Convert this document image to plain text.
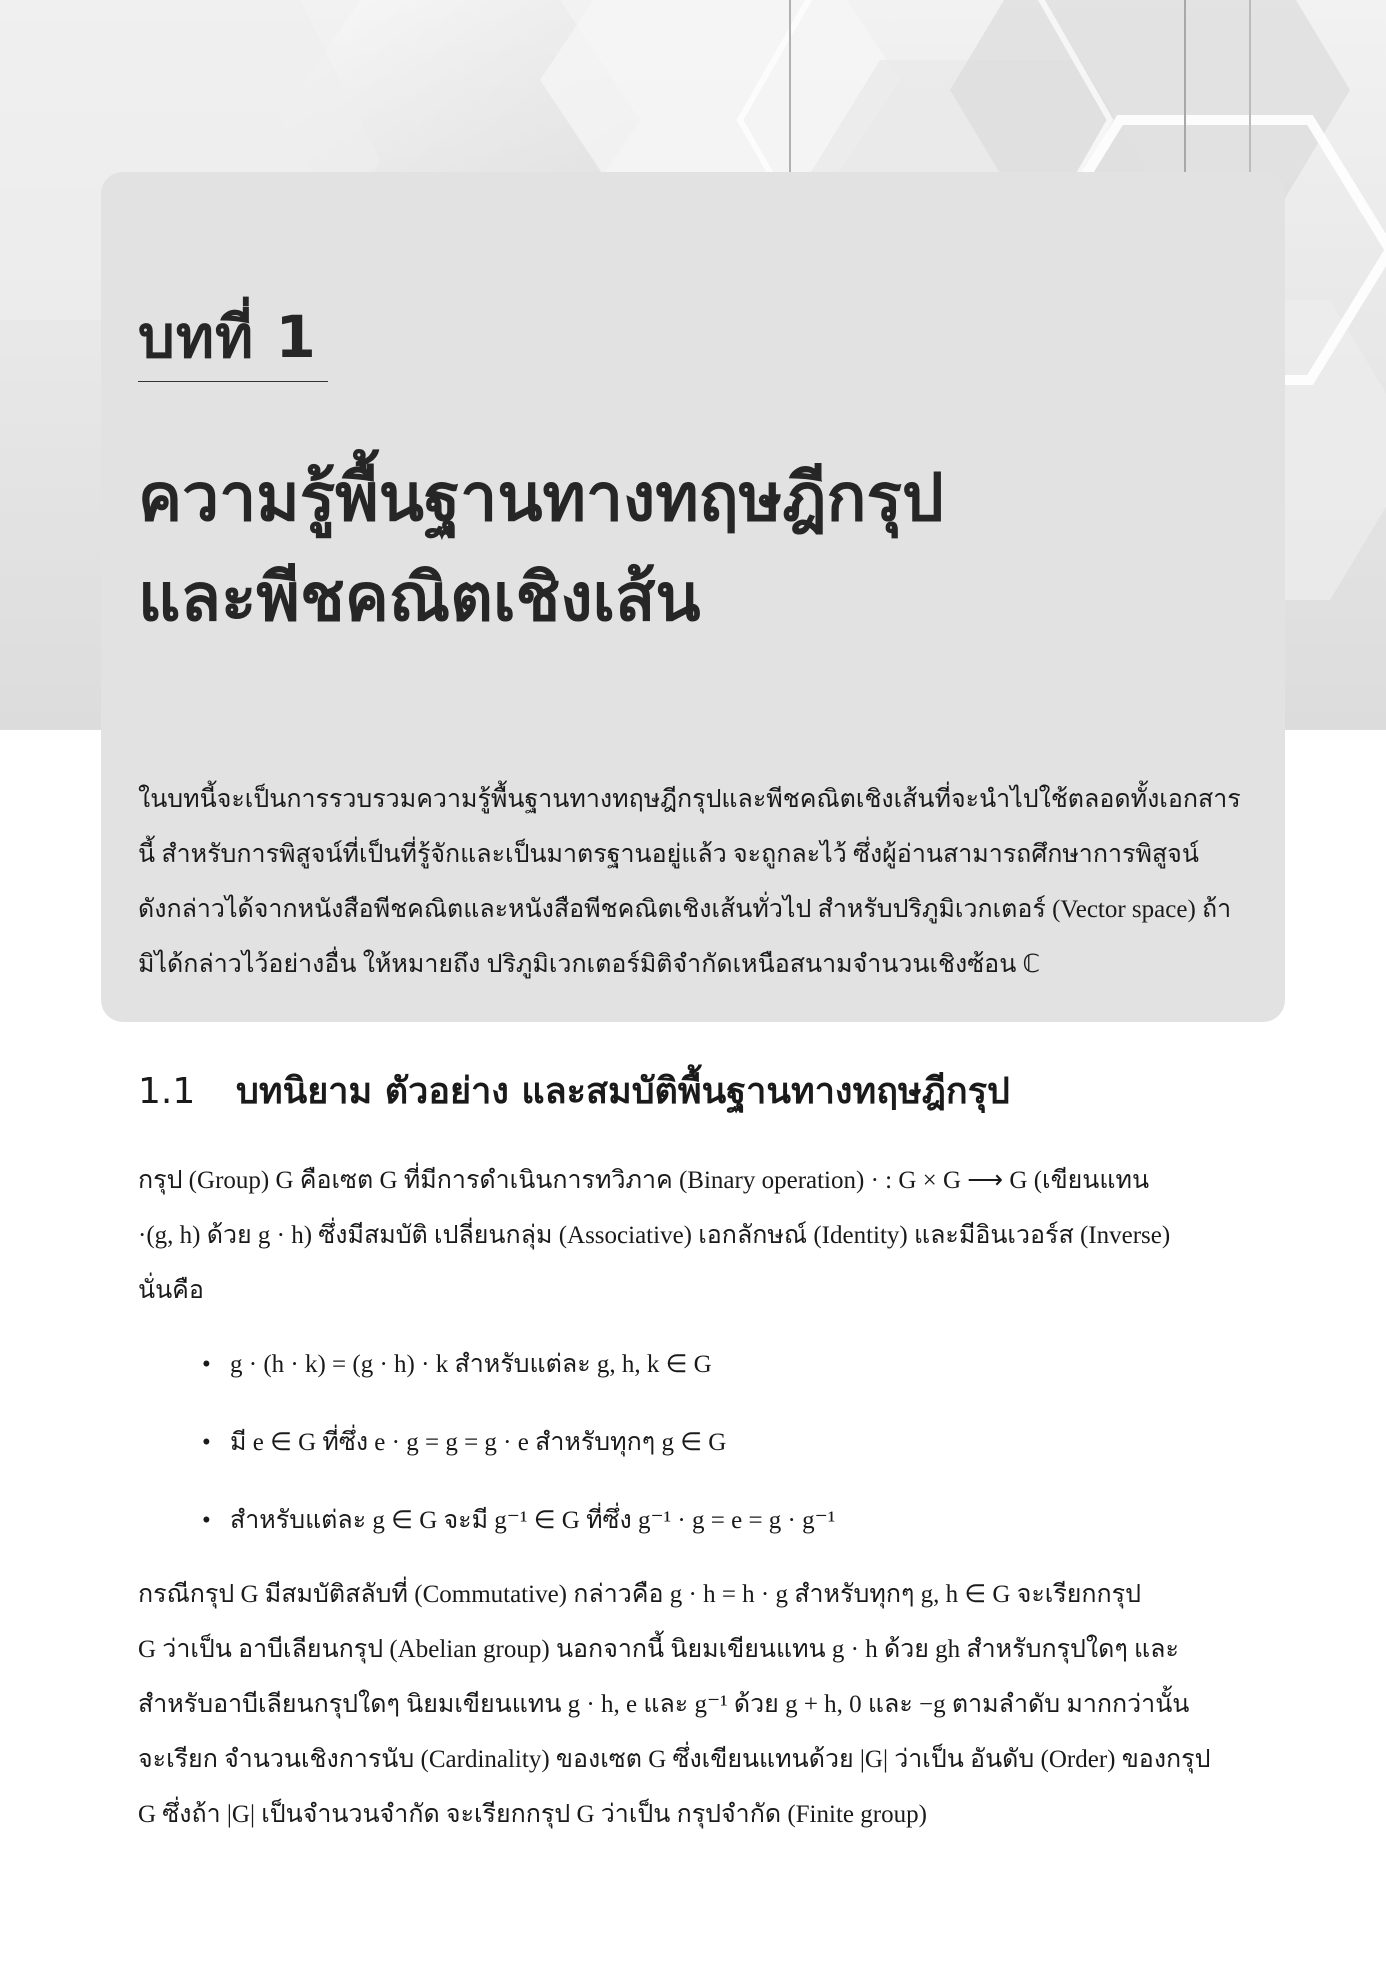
บทที่ 1
ความรู้พื้นฐานทางทฤษฎีกรุป
และพีชคณิตเชิงเส้น
ในบทนี้จะเป็นการรวบรวมความรู้พื้นฐานทางทฤษฎีกรุปและพีชคณิตเชิงเส้นที่จะนำไปใช้ตลอดทั้งเอกสาร
นี้ สำหรับการพิสูจน์ที่เป็นที่รู้จักและเป็นมาตรฐานอยู่แล้ว จะถูกละไว้ ซึ่งผู้อ่านสามารถศึกษาการพิสูจน์
ดังกล่าวได้จากหนังสือพีชคณิตและหนังสือพีชคณิตเชิงเส้นทั่วไป สำหรับปริภูมิเวกเตอร์ (Vector space) ถ้า
มิได้กล่าวไว้อย่างอื่น ให้หมายถึง ปริภูมิเวกเตอร์มิติจำกัดเหนือสนามจำนวนเชิงซ้อน ℂ
1.1 บทนิยาม ตัวอย่าง และสมบัติพื้นฐานทางทฤษฎีกรุป
กรุป (Group) G คือเซต G ที่มีการดำเนินการทวิภาค (Binary operation) · : G × G ⟶ G (เขียนแทน
·(g, h) ด้วย g · h) ซึ่งมีสมบัติ เปลี่ยนกลุ่ม (Associative) เอกลักษณ์ (Identity) และมีอินเวอร์ส (Inverse)
นั่นคือ
• g · (h · k) = (g · h) · k สำหรับแต่ละ g, h, k ∈ G
• มี e ∈ G ที่ซึ่ง e · g = g = g · e สำหรับทุกๆ g ∈ G
• สำหรับแต่ละ g ∈ G จะมี g⁻¹ ∈ G ที่ซึ่ง g⁻¹ · g = e = g · g⁻¹
กรณีกรุป G มีสมบัติสลับที่ (Commutative) กล่าวคือ g · h = h · g สำหรับทุกๆ g, h ∈ G จะเรียกกรุป
G ว่าเป็น อาบีเลียนกรุป (Abelian group) นอกจากนี้ นิยมเขียนแทน g · h ด้วย gh สำหรับกรุปใดๆ และ
สำหรับอาบีเลียนกรุปใดๆ นิยมเขียนแทน g · h, e และ g⁻¹ ด้วย g + h, 0 และ −g ตามลำดับ มากกว่านั้น
จะเรียก จำนวนเชิงการนับ (Cardinality) ของเซต G ซึ่งเขียนแทนด้วย |G| ว่าเป็น อันดับ (Order) ของกรุป
G ซึ่งถ้า |G| เป็นจำนวนจำกัด จะเรียกกรุป G ว่าเป็น กรุปจำกัด (Finite group)
